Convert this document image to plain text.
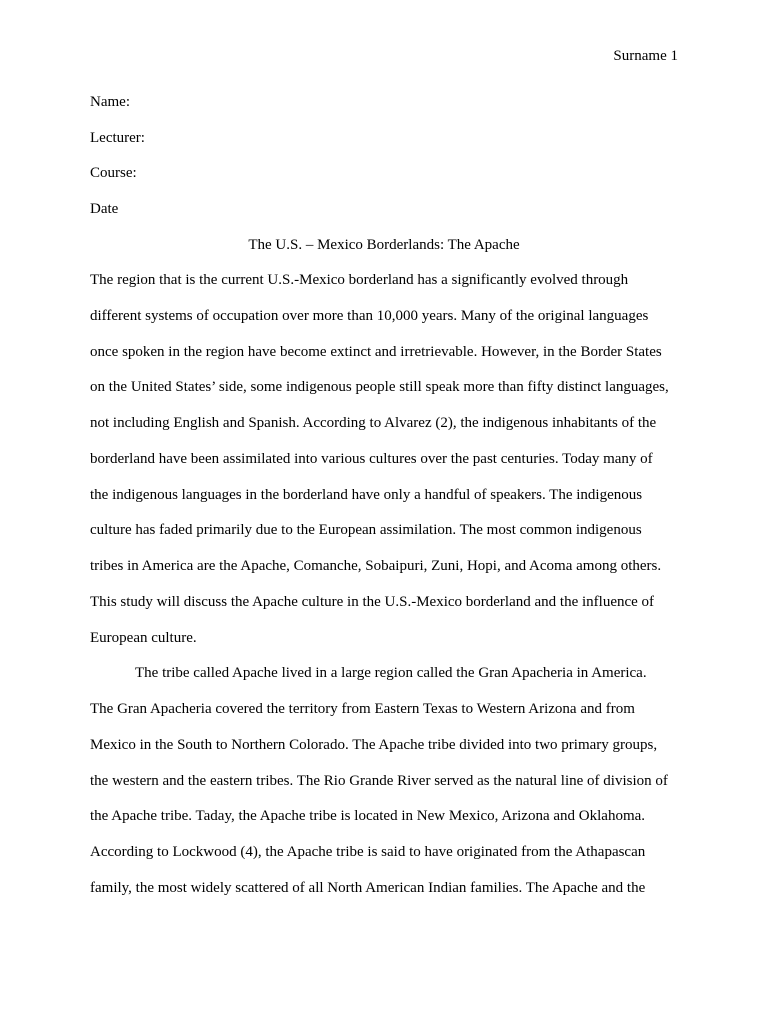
Surname 1
Name:
Lecturer:
Course:
Date
The U.S. – Mexico Borderlands: The Apache
The region that is the current U.S.-Mexico borderland has a significantly evolved through
different systems of occupation over more than 10,000 years. Many of the original languages
once spoken in the region have become extinct and irretrievable. However, in the Border States
on the United States’ side, some indigenous people still speak more than fifty distinct languages,
not including English and Spanish. According to Alvarez (2), the indigenous inhabitants of the
borderland have been assimilated into various cultures over the past centuries. Today many of
the indigenous languages in the borderland have only a handful of speakers. The indigenous
culture has faded primarily due to the European assimilation. The most common indigenous
tribes in America are the Apache, Comanche, Sobaipuri, Zuni, Hopi, and Acoma among others.
This study will discuss the Apache culture in the U.S.-Mexico borderland and the influence of
European culture.
The tribe called Apache lived in a large region called the Gran Apacheria in America.
The Gran Apacheria covered the territory from Eastern Texas to Western Arizona and from
Mexico in the South to Northern Colorado. The Apache tribe divided into two primary groups,
the western and the eastern tribes. The Rio Grande River served as the natural line of division of
the Apache tribe. Taday, the Apache tribe is located in New Mexico, Arizona and Oklahoma.
According to Lockwood (4), the Apache tribe is said to have originated from the Athapascan
family, the most widely scattered of all North American Indian families. The Apache and the
